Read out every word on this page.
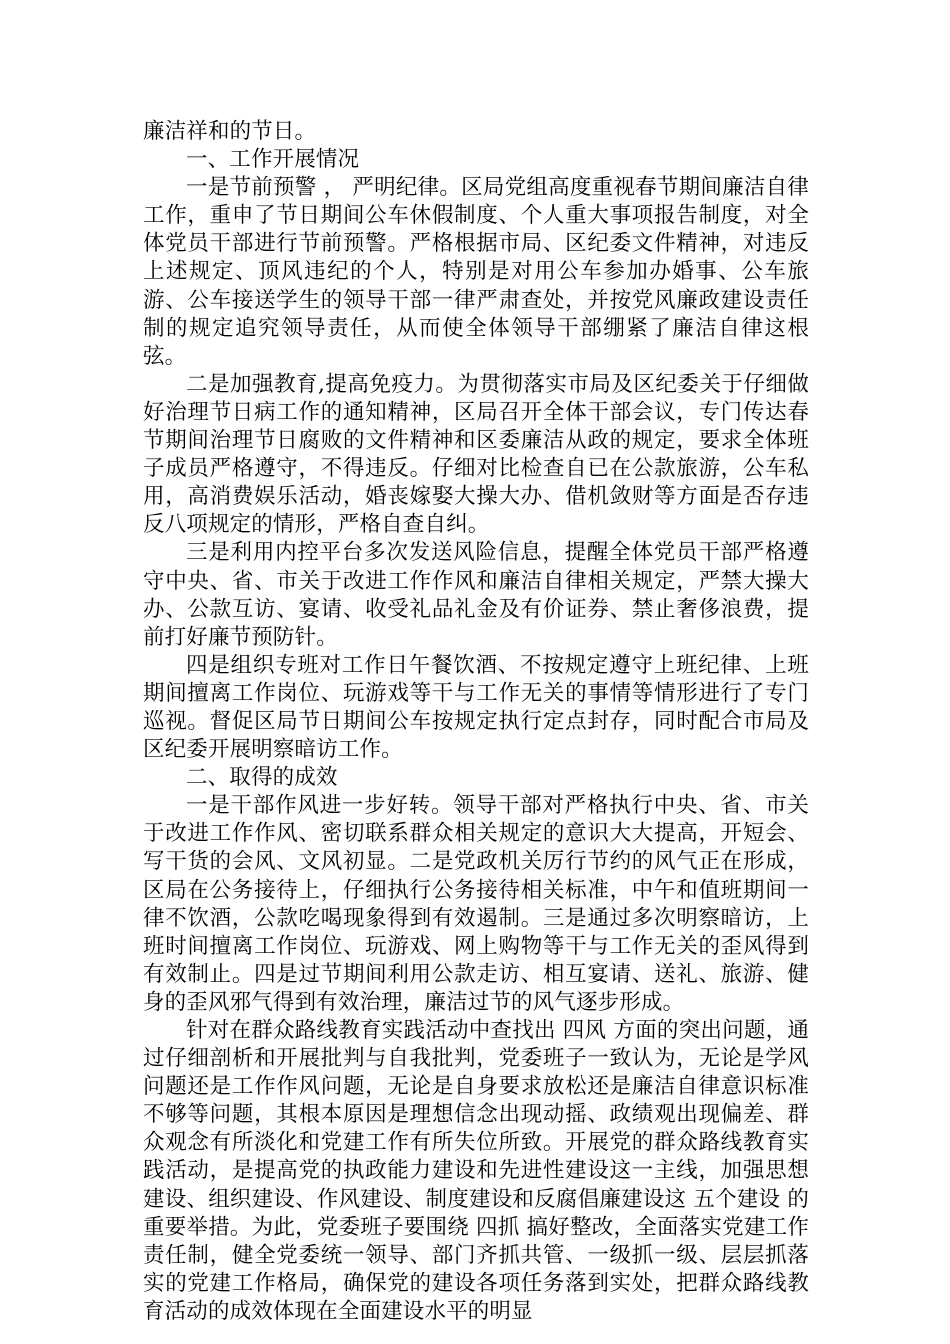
廉洁祥和的节日。

一、工作开展情况

一是节前预警 ， 严明纪律。区局党组高度重视春节期间廉洁自律工作，重申了节日期间公车休假制度、个人重大事项报告制度，对全体党员干部进行节前预警。严格根据市局、区纪委文件精神，对违反上述规定、顶风违纪的个人，特别是对用公车参加办婚事、公车旅游、公车接送学生的领导干部一律严肃查处，并按党风廉政建设责任制的规定追究领导责任，从而使全体领导干部绷紧了廉洁自律这根弦。

二是加强教育,提高免疫力。为贯彻落实市局及区纪委关于仔细做好治理节日病工作的通知精神，区局召开全体干部会议，专门传达春节期间治理节日腐败的文件精神和区委廉洁从政的规定，要求全体班子成员严格遵守，不得违反。仔细对比检查自已在公款旅游，公车私用，高消费娱乐活动，婚丧嫁娶大操大办、借机敛财等方面是否存违反八项规定的情形，严格自查自纠。

三是利用内控平台多次发送风险信息，提醒全体党员干部严格遵守中央、省、市关于改进工作作风和廉洁自律相关规定，严禁大操大办、公款互访、宴请、收受礼品礼金及有价证券、禁止奢侈浪费，提前打好廉节预防针。

四是组织专班对工作日午餐饮酒、不按规定遵守上班纪律、上班期间擅离工作岗位、玩游戏等干与工作无关的事情等情形进行了专门巡视。督促区局节日期间公车按规定执行定点封存，同时配合市局及区纪委开展明察暗访工作。

二、取得的成效

一是干部作风进一步好转。领导干部对严格执行中央、省、市关于改进工作作风、密切联系群众相关规定的意识大大提高，开短会、写干货的会风、文风初显。二是党政机关厉行节约的风气正在形成，区局在公务接待上，仔细执行公务接待相关标准，中午和值班期间一律不饮酒，公款吃喝现象得到有效遏制。三是通过多次明察暗访，上班时间擅离工作岗位、玩游戏、网上购物等干与工作无关的歪风得到有效制止。四是过节期间利用公款走访、相互宴请、送礼、旅游、健身的歪风邪气得到有效治理，廉洁过节的风气逐步形成。

针对在群众路线教育实践活动中查找出 四风 方面的突出问题，通过仔细剖析和开展批判与自我批判，党委班子一致认为，无论是学风问题还是工作作风问题，无论是自身要求放松还是廉洁自律意识标准不够等问题，其根本原因是理想信念出现动摇、政绩观出现偏差、群众观念有所淡化和党建工作有所失位所致。开展党的群众路线教育实践活动，是提高党的执政能力建设和先进性建设这一主线，加强思想建设、组织建设、作风建设、制度建设和反腐倡廉建设这 五个建设 的重要举措。为此，党委班子要围绕 四抓 搞好整改，全面落实党建工作责任制，健全党委统一领导、部门齐抓共管、一级抓一级、层层抓落实的党建工作格局，确保党的建设各项任务落到实处，把群众路线教育活动的成效体现在全面建设水平的明显
